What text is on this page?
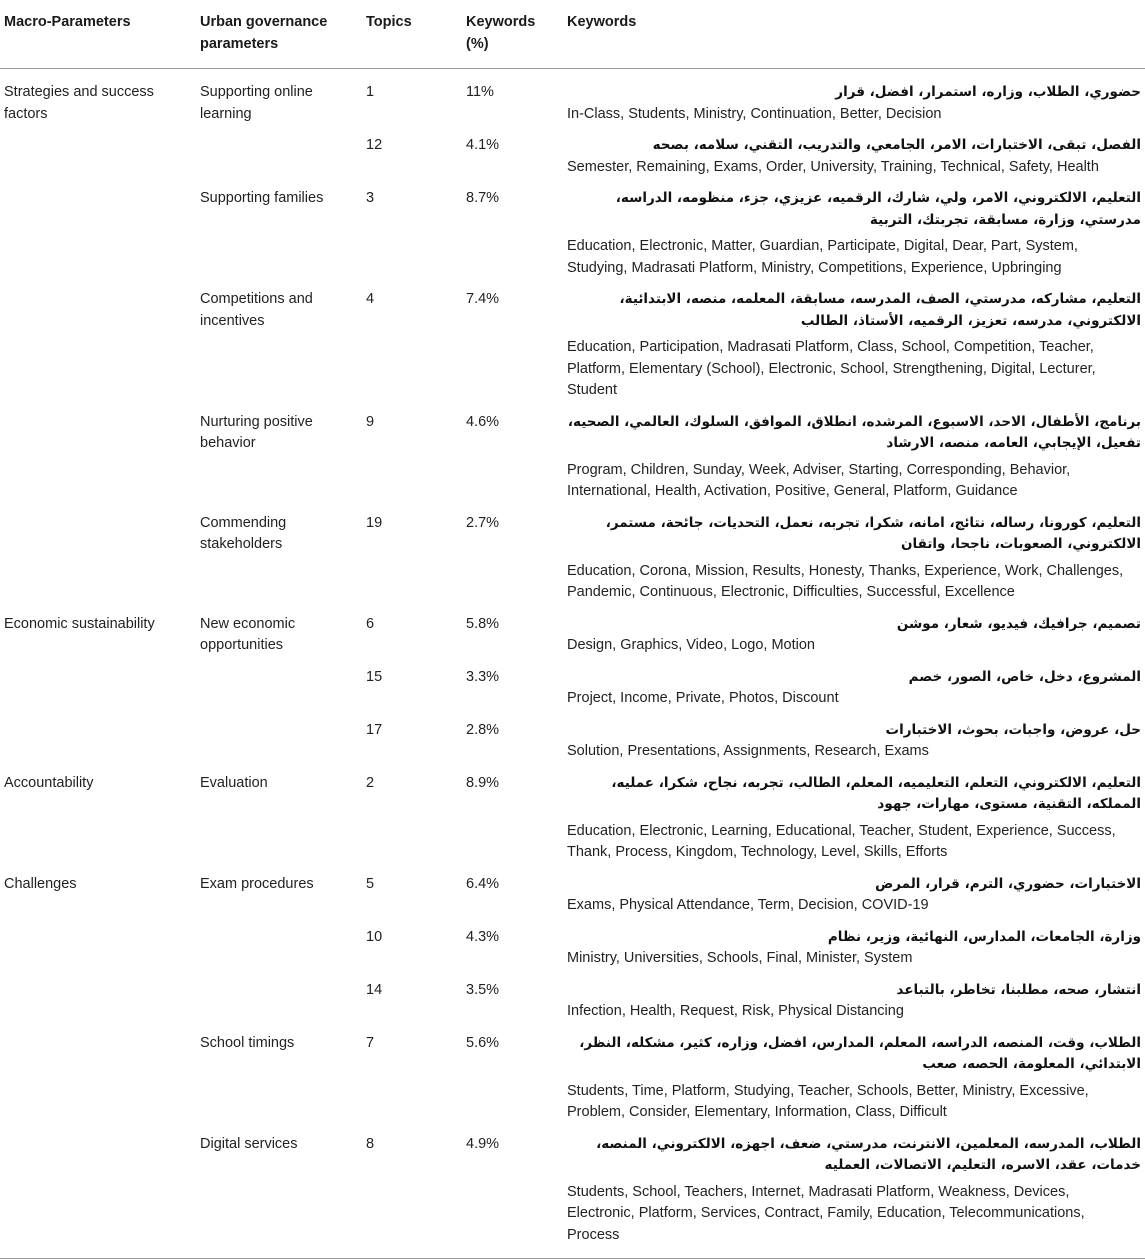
Macro-Parameters	Urban governance parameters	Topics	Keywords (%)	Keywords
Strategies and success factors	Supporting online learning	1	11%	حضوري، الطلاب، وزاره، استمرار، افضل، قرار
In-Class, Students, Ministry, Continuation, Better, Decision

		12	4.1%	الفصل، تبقى، الاختبارات، الامر، الجامعي، والتدريب، التقني، سلامه، بصحه
Semester, Remaining, Exams, Order, University, Training, Technical, Safety, Health

	Supporting families	3	8.7%	التعليم، الالكتروني، الامر، ولي، شارك، الرقميه، عزيزي، جزء، منظومه، الدراسه، مدرستي، وزارة، مسابقة، تجربتك، التربية
Education, Electronic, Matter, Guardian, Participate, Digital, Dear, Part, System, Studying, Madrasati Platform, Ministry, Competitions, Experience, Upbringing

	Competitions and incentives	4	7.4%	التعليم، مشاركه، مدرستي، الصف، المدرسه، مسابقة، المعلمه، منصه، الابتدائية، الالكتروني، مدرسه، تعزيز، الرقميه، الأستاذ، الطالب
Education, Participation, Madrasati Platform, Class, School, Competition, Teacher, Platform, Elementary (School), Electronic, School, Strengthening, Digital, Lecturer, Student

	Nurturing positive behavior	9	4.6%	برنامج، الأطفال، الاحد، الاسبوع، المرشده، انطلاق، الموافق، السلوك، العالمي، الصحيه، تفعيل، الإيجابي، العامه، منصه، الارشاد
Program, Children, Sunday, Week, Adviser, Starting, Corresponding, Behavior, International, Health, Activation, Positive, General, Platform, Guidance

	Commending stakeholders	19	2.7%	التعليم، كورونا، رساله، نتائج، امانه، شكرا، تجربه، نعمل، التحديات، جائحة، مستمر، الالكتروني، الصعوبات، ناجحا، واتقان
Education, Corona, Mission, Results, Honesty, Thanks, Experience, Work, Challenges, Pandemic, Continuous, Electronic, Difficulties, Successful, Excellence

Economic sustainability	New economic opportunities	6	5.8%	تصميم، جرافيك، فيديو، شعار، موشن
Design, Graphics, Video, Logo, Motion

		15	3.3%	المشروع، دخل، خاص، الصور، خصم
Project, Income, Private, Photos, Discount

		17	2.8%	حل، عروض، واجبات، بحوث، الاختبارات
Solution, Presentations, Assignments, Research, Exams

Accountability	Evaluation	2	8.9%	التعليم، الالكتروني، التعلم، التعليميه، المعلم، الطالب، تجربه، نجاح، شكرا، عمليه، المملكه، التقنية، مستوى، مهارات، جهود
Education, Electronic, Learning, Educational, Teacher, Student, Experience, Success, Thank, Process, Kingdom, Technology, Level, Skills, Efforts

Challenges	Exam procedures	5	6.4%	الاختبارات، حضوري، الترم، قرار، المرض
Exams, Physical Attendance, Term, Decision, COVID-19

		10	4.3%	وزارة، الجامعات، المدارس، النهائية، وزير، نظام
Ministry, Universities, Schools, Final, Minister, System

		14	3.5%	انتشار، صحه، مطلبنا، تخاطر، بالتباعد
Infection, Health, Request, Risk, Physical Distancing

	School timings	7	5.6%	الطلاب، وقت، المنصه، الدراسه، المعلم، المدارس، افضل، وزاره، كثير، مشكله، النظر، الابتدائي، المعلومة، الحصه، صعب
Students, Time, Platform, Studying, Teacher, Schools, Better, Ministry, Excessive, Problem, Consider, Elementary, Information, Class, Difficult

	Digital services	8	4.9%	الطلاب، المدرسه، المعلمين، الانترنت، مدرستي، ضعف، اجهزه، الالكتروني، المنصه، خدمات، عقد، الاسره، التعليم، الاتصالات، العمليه
Students, School, Teachers, Internet, Madrasati Platform, Weakness, Devices, Electronic, Platform, Services, Contract, Family, Education, Telecommunications, Process
